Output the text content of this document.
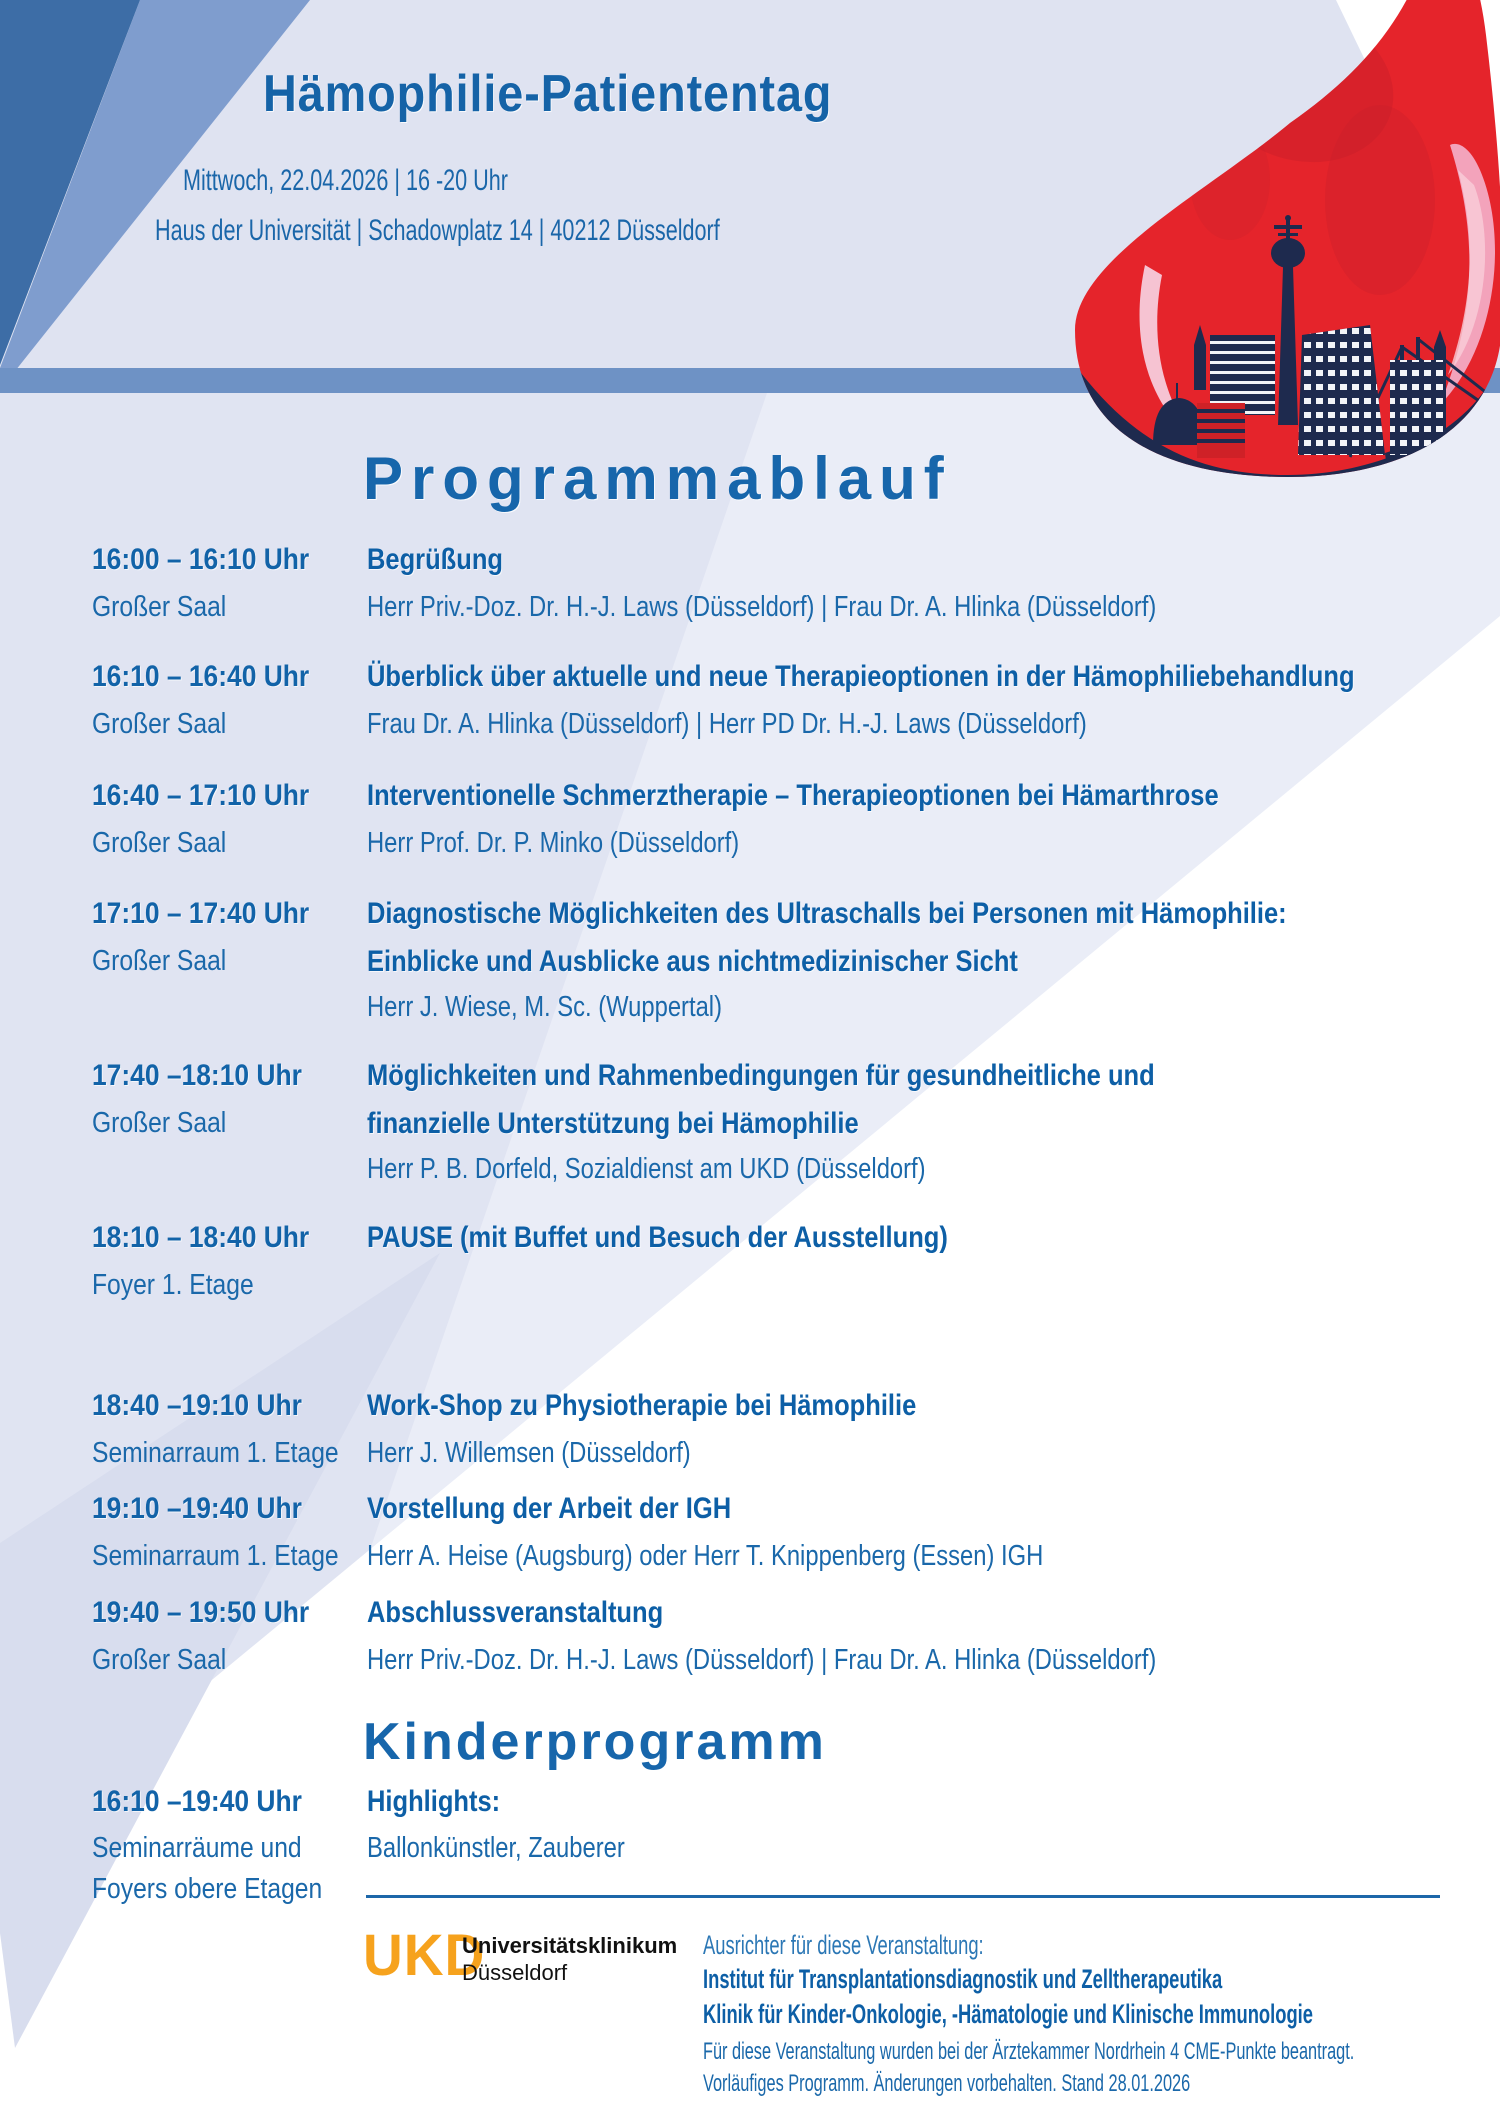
Hämophilie-Patiententag
Mittwoch, 22.04.2026 | 16 -20 Uhr
Haus der Universität | Schadowplatz 14 | 40212 Düsseldorf
Programmablauf
16:00 – 16:10 Uhr
Großer Saal
16:10 – 16:40 Uhr
Großer Saal
16:40 – 17:10 Uhr
Großer Saal
17:10 – 17:40 Uhr
Großer Saal
17:40 –18:10 Uhr
Großer Saal
18:10 – 18:40 Uhr
Foyer 1. Etage
18:40 –19:10 Uhr
Seminarraum 1. Etage
19:10 –19:40 Uhr
Seminarraum 1. Etage
19:40 – 19:50 Uhr
Großer Saal
Begrüßung
Herr Priv.-Doz. Dr. H.-J. Laws (Düsseldorf) | Frau Dr. A. Hlinka (Düsseldorf)
Überblick über aktuelle und neue Therapieoptionen in der Hämophiliebehandlung
Frau Dr. A. Hlinka (Düsseldorf) | Herr PD Dr. H.-J. Laws (Düsseldorf)
Interventionelle Schmerztherapie – Therapieoptionen bei Hämarthrose
Herr Prof. Dr. P. Minko (Düsseldorf)
Diagnostische Möglichkeiten des Ultraschalls bei Personen mit Hämophilie:
Einblicke und Ausblicke aus nichtmedizinischer Sicht
Herr J. Wiese, M. Sc. (Wuppertal)
Möglichkeiten und Rahmenbedingungen für gesundheitliche und
finanzielle Unterstützung bei Hämophilie
Herr P. B. Dorfeld, Sozialdienst am UKD (Düsseldorf)
PAUSE (mit Buffet und Besuch der Ausstellung)
Work-Shop zu Physiotherapie bei Hämophilie
Herr J. Willemsen (Düsseldorf)
Vorstellung der Arbeit der IGH
Herr A. Heise (Augsburg) oder Herr T. Knippenberg (Essen) IGH
Abschlussveranstaltung
Herr Priv.-Doz. Dr. H.-J. Laws (Düsseldorf) | Frau Dr. A. Hlinka (Düsseldorf)
Kinderprogramm
16:10 –19:40 Uhr
Seminarräume und
Foyers obere Etagen
Highlights:
Ballonkünstler, Zauberer
UKD
Universitätsklinikum
Düsseldorf
Ausrichter für diese Veranstaltung:
Institut für Transplantationsdiagnostik und Zelltherapeutika
Klinik für Kinder-Onkologie, -Hämatologie und Klinische Immunologie
Für diese Veranstaltung wurden bei der Ärztekammer Nordrhein 4 CME-Punkte beantragt.
Vorläufiges Programm. Änderungen vorbehalten. Stand 28.01.2026
